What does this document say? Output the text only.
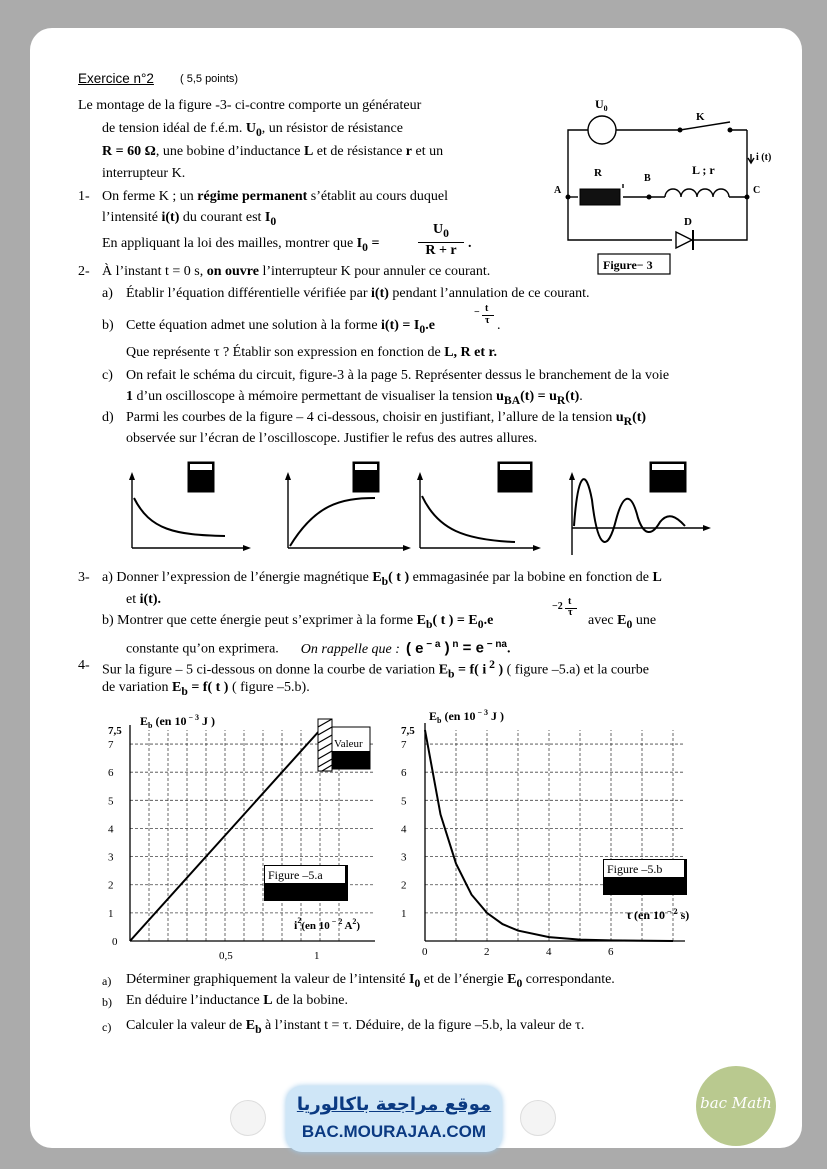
Exercice n°2 ( 5,5 points)
Le montage de la figure -3- ci-contre comporte un générateur
de tension idéal de f.é.m. $U_0$, un résistor de résistance
R = 60 Ω, une bobine d’inductance L et de résistance r et un
interrupteur K.
1- On ferme K ; un régime permanent s’établit au cours duquel
l’intensité i(t) du courant est $I_0$
En appliquant la loi des mailles, montrer que $I_0$ =
$U_0$
R + r .
2- À l’instant t = 0 s, on ouvre l’interrupteur K pour annuler ce courant.
a) Établir l’équation différentielle vérifiée par i(t) pendant l’annulation de ce courant.
b) Cette équation admet une solution à la forme $i(t) = I_0.e$
− t
τ .
Que représente τ ? Établir son expression en fonction de L, R et r.
c) On refait le schéma du circuit, figure-3 à la page 5. Représenter dessus le branchement de la voie
1 d’un oscilloscope à mémoire permettant de visualiser la tension $u_{BA}(t) = u_R(t)$.
d) Parmi les courbes de la figure – 4 ci-dessous, choisir en justifiant, l’allure de la tension $u_R(t)$
observée sur l’écran de l’oscilloscope. Justifier le refus des autres allures.
$U_0$
K
i (t)
R	B
L ; r
A	C
D
Figure− 3
3- a) Donner l’expression de l’énergie magnétique $E_b$( t ) emmagasinée par la bobine en fonction de L
et i(t).
b) Montrer que cette énergie peut s’exprimer à la forme $E_b$( t ) = $E_0.e$
−2 t
τ
avec $E_0$ une
constante qu’on exprimera. On rappelle que : ( e $^{- a}$ ) $^n$ = e $^{- na}$.
4- Sur la figure – 5 ci-dessous on donne la courbe de variation $E_b = f$( i $^2$ ) ( figure –5.a) et la courbe
de variation $E_b = f$( t ) ( figure –5.b).
7,5
7
6
5
4
3
2
1
0
0,5	1
Valeur
$E_b$ (en 10 $^{- 3}$ J )
Figure –5.a
$i^2(en$ 10 $^{- 2}$ $A^2$)
7,5
7
6
5
4
3
2
1
0	2	4	6
$E_b$ (en 10 $^{- 3}$ J )
Figure –5.b
t (en 10 $^{- 2}$ s)
a) Déterminer graphiquement la valeur de l’intensité $I_0$ et de l’énergie $E_0$ correspondante.
b) En déduire l’inductance L de la bobine.
c) Calculer la valeur de $E_b$ à l’instant t = τ. Déduire, de la figure –5.b, la valeur de τ.
موقع مراجعة باكالوريا
BAC.MOURAJAA.COM
bac Math
